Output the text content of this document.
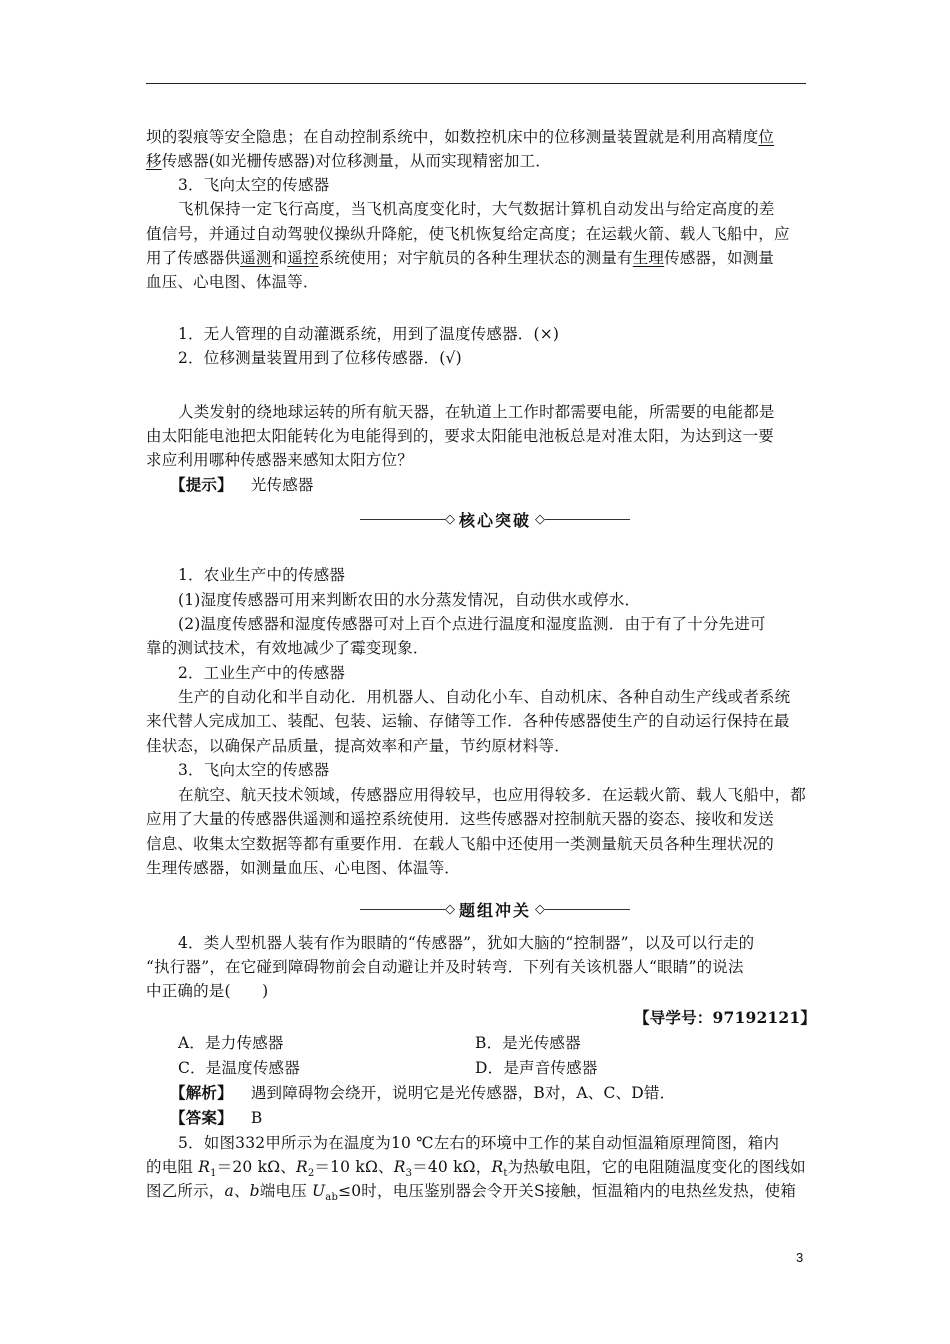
坝的裂痕等安全隐患；在自动控制系统中，如数控机床中的位移测量装置就是利用高精度位
移传感器(如光栅传感器)对位移测量，从而实现精密加工．
3．飞向太空的传感器
飞机保持一定飞行高度，当飞机高度变化时，大气数据计算机自动发出与给定高度的差
值信号，并通过自动驾驶仪操纵升降舵，使飞机恢复给定高度；在运载火箭、载人飞船中，应
用了传感器供遥测和遥控系统使用；对宇航员的各种生理状态的测量有生理传感器，如测量
血压、心电图、体温等．
1．无人管理的自动灌溉系统，用到了温度传感器．(×)
2．位移测量装置用到了位移传感器．(√)
人类发射的绕地球运转的所有航天器，在轨道上工作时都需要电能，所需要的电能都是
由太阳能电池把太阳能转化为电能得到的，要求太阳能电池板总是对准太阳，为达到这一要
求应利用哪种传感器来感知太阳方位？
【提示】 光传感器
◇ 核心突破 ◇
1．农业生产中的传感器
(1)湿度传感器可用来判断农田的水分蒸发情况，自动供水或停水．
(2)温度传感器和湿度传感器可对上百个点进行温度和湿度监测．由于有了十分先进可
靠的测试技术，有效地减少了霉变现象．
2．工业生产中的传感器
生产的自动化和半自动化．用机器人、自动化小车、自动机床、各种自动生产线或者系统
来代替人完成加工、装配、包装、运输、存储等工作．各种传感器使生产的自动运行保持在最
佳状态，以确保产品质量，提高效率和产量，节约原材料等．
3．飞向太空的传感器
在航空、航天技术领域，传感器应用得较早，也应用得较多．在运载火箭、载人飞船中，都
应用了大量的传感器供遥测和遥控系统使用．这些传感器对控制航天器的姿态、接收和发送
信息、收集太空数据等都有重要作用．在载人飞船中还使用一类测量航天员各种生理状况的
生理传感器，如测量血压、心电图、体温等．
◇ 题组冲关 ◇
4．类人型机器人装有作为眼睛的“传感器”，犹如大脑的“控制器”，以及可以行走的
“执行器”，在它碰到障碍物前会自动避让并及时转弯．下列有关该机器人“眼睛”的说法
中正确的是(　　)
【导学号：97192121】
A．是力传感器	B．是光传感器
C．是温度传感器	D．是声音传感器
【解析】 遇到障碍物会绕开，说明它是光传感器，B对，A、C、D错．
【答案】 B
5．如图332甲所示为在温度为10 ℃左右的环境中工作的某自动恒温箱原理简图，箱内
的电阻 $R_1=20$ kΩ、$R_2=10$ kΩ、$R_3=40$ kΩ，$R_t$为热敏电阻，它的电阻随温度变化的图线如
图乙所示，a、b端电压 $U_{ab}\le 0$时，电压鉴别器会令开关S接触，恒温箱内的电热丝发热，使箱
3
